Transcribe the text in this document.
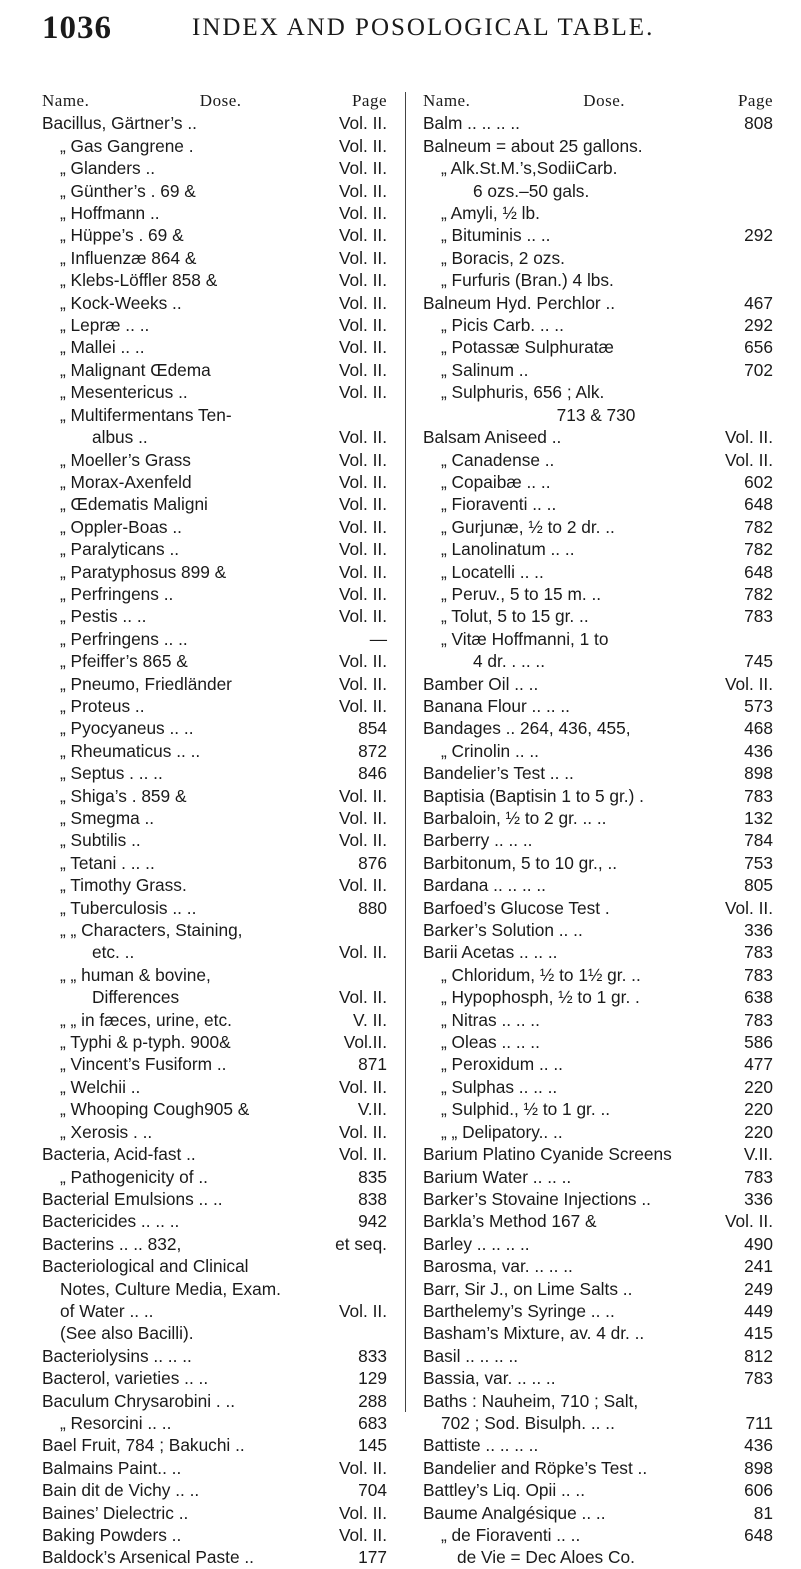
1036	INDEX AND POSOLOGICAL TABLE.
Name.	Dose.	Page
Bacillus, Gärtner’s ..	Vol. II.
„ Gas Gangrene .	Vol. II.
„ Glanders ..	Vol. II.
„ Günther’s . 69 &	Vol. II.
„ Hoffmann ..	Vol. II.
„ Hüppe’s . 69 &	Vol. II.
„ Influenzæ 864 &	Vol. II.
„ Klebs-Löffler 858 &	Vol. II.
„ Kock-Weeks ..	Vol. II.
„ Lepræ .. ..	Vol. II.
„ Mallei .. ..	Vol. II.
„ Malignant Œdema	Vol. II.
„ Mesentericus ..	Vol. II.
„ Multifermentans Ten-
albus ..	Vol. II.
„ Moeller’s Grass	Vol. II.
„ Morax-Axenfeld	Vol. II.
„ Œdematis Maligni	Vol. II.
„ Oppler-Boas ..	Vol. II.
„ Paralyticans ..	Vol. II.
„ Paratyphosus 899 &	Vol. II.
„ Perfringens ..	Vol. II.
„ Pestis .. ..	Vol. II.
„ Perfringens .. ..	—
„ Pfeiffer’s 865 &	Vol. II.
„ Pneumo, Friedländer	Vol. II.
„ Proteus ..	Vol. II.
„ Pyocyaneus .. ..	854
„ Rheumaticus .. ..	872
„ Septus . .. ..	846
„ Shiga’s . 859 &	Vol. II.
„ Smegma ..	Vol. II.
„ Subtilis ..	Vol. II.
„ Tetani . .. ..	876
„ Timothy Grass.	Vol. II.
„ Tuberculosis .. ..	880
„ „ Characters, Staining,
etc. ..	Vol. II.
„ „ human & bovine,
Differences	Vol. II.
„ „ in fæces, urine, etc.	V. II.
„ Typhi & p-typh. 900&	Vol.II.
„ Vincent’s Fusiform ..	871
„ Welchii ..	Vol. II.
„ Whooping Cough905 &	V.II.
„ Xerosis . ..	Vol. II.
Bacteria, Acid-fast ..	Vol. II.
„ Pathogenicity of ..	835
Bacterial Emulsions .. ..	838
Bactericides .. .. ..	942
Bacterins .. .. 832,	et seq.
Bacteriological and Clinical
Notes, Culture Media, Exam.
of Water .. ..	Vol. II.
(See also Bacilli).
Bacteriolysins .. .. ..	833
Bacterol, varieties .. ..	129
Baculum Chrysarobini . ..	288
„ Resorcini .. ..	683
Bael Fruit, 784 ; Bakuchi ..	145
Balmains Paint.. ..	Vol. II.
Bain dit de Vichy .. ..	704
Baines’ Dielectric ..	Vol. II.
Baking Powders ..	Vol. II.
Baldock’s Arsenical Paste ..	177
Name.	Dose.	Page
Balm .. .. .. ..	808
Balneum = about 25 gallons.
„ Alk.St.M.’s,SodiiCarb.
6 ozs.–50 gals.
„ Amyli, ½ lb.
„ Bituminis .. ..	292
„ Boracis, 2 ozs.
„ Furfuris (Bran.) 4 lbs.
Balneum Hyd. Perchlor ..	467
„ Picis Carb. .. ..	292
„ Potassæ Sulphuratæ	656
„ Salinum ..	702
„ Sulphuris, 656 ; Alk.
713 & 730
Balsam Aniseed ..	Vol. II.
„ Canadense ..	Vol. II.
„ Copaibæ .. ..	602
„ Fioraventi .. ..	648
„ Gurjunæ, ½ to 2 dr. ..	782
„ Lanolinatum .. ..	782
„ Locatelli .. ..	648
„ Peruv., 5 to 15 m. ..	782
„ Tolut, 5 to 15 gr. ..	783
„ Vitæ Hoffmanni, 1 to
4 dr. . .. ..	745
Bamber Oil .. ..	Vol. II.
Banana Flour .. .. ..	573
Bandages .. 264, 436, 455,	468
„ Crinolin .. ..	436
Bandelier’s Test .. ..	898
Baptisia (Baptisin 1 to 5 gr.) .	783
Barbaloin, ½ to 2 gr. .. ..	132
Barberry .. .. ..	784
Barbitonum, 5 to 10 gr., ..	753
Bardana .. .. .. ..	805
Barfoed’s Glucose Test .	Vol. II.
Barker’s Solution .. ..	336
Barii Acetas .. .. ..	783
„ Chloridum, ½ to 1½ gr. ..	783
„ Hypophosph, ½ to 1 gr. .	638
„ Nitras .. .. ..	783
„ Oleas .. .. ..	586
„ Peroxidum .. ..	477
„ Sulphas .. .. ..	220
„ Sulphid., ½ to 1 gr. ..	220
„ „ Delipatory.. ..	220
Barium Platino Cyanide Screens	V.II.
Barium Water .. .. ..	783
Barker’s Stovaine Injections ..	336
Barkla’s Method 167 &	Vol. II.
Barley .. .. .. ..	490
Barosma, var. .. .. ..	241
Barr, Sir J., on Lime Salts ..	249
Barthelemy’s Syringe .. ..	449
Basham’s Mixture, av. 4 dr. ..	415
Basil .. .. .. ..	812
Bassia, var. .. .. ..	783
Baths : Nauheim, 710 ; Salt,
702 ; Sod. Bisulph. .. ..	711
Battiste .. .. .. ..	436
Bandelier and Röpke’s Test ..	898
Battley’s Liq. Opii .. ..	606
Baume Analgésique .. ..	81
„ de Fioraventi .. ..	648
de Vie = Dec Aloes Co.
